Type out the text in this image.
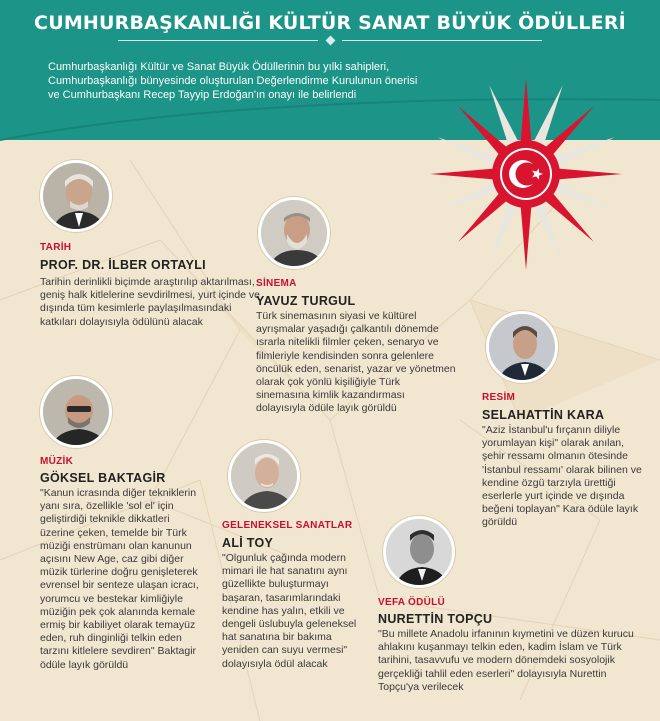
CUMHURBAŞKANLIĞI KÜLTÜR SANAT BÜYÜK ÖDÜLLERİ
Cumhurbaşkanlığı Kültür ve Sanat Büyük Ödüllerinin bu yılki sahipleri, Cumhurbaşkanlığı bünyesinde oluşturulan Değerlendirme Kurulunun önerisi ve Cumhurbaşkanı Recep Tayyip Erdoğan'ın onayı ile belirlendi
TARİH
PROF. DR. İLBER ORTAYLI
Tarihin derinlikli biçimde araştırılıp aktarılması, geniş halk kitlelerine sevdirilmesi, yurt içinde ve dışında tüm kesimlerle paylaşılmasındaki katkıları dolayısıyla ödülünü alacak
SİNEMA
YAVUZ TURGUL
Türk sinemasının siyasi ve kültürel ayrışmalar yaşadığı çalkantılı dönemde ısrarla nitelikli filmler çeken, senaryo ve filmleriyle kendisinden sonra gelenlere öncülük eden, senarist, yazar ve yönetmen olarak çok yönlü kişiliğiyle Türk sinemasına kimlik kazandırması dolayısıyla ödüle layık görüldü
RESİM
SELAHATTİN KARA
"Aziz İstanbul'u fırçanın diliyle yorumlayan kişi" olarak anılan, şehir ressamı olmanın ötesinde 'İstanbul ressamı' olarak bilinen ve kendine özgü tarzıyla ürettiği eserlerle yurt içinde ve dışında beğeni toplayan" Kara ödüle layık görüldü
MÜZİK
GÖKSEL BAKTAGİR
"Kanun icrasında diğer tekniklerin yanı sıra, özellikle 'sol el' için geliştirdiği teknikle dikkatleri üzerine çeken, temelde bir Türk müziği enstrümanı olan kanunun açısını New Age, caz gibi diğer müzik türlerine doğru genişleterek evrensel bir senteze ulaşan icracı, yorumcu ve bestekar kimliğiyle müziğin pek çok alanında kemale ermiş bir kabiliyet olarak temayüz eden, ruh dinginliği telkin eden tarzını kitlelere sevdiren" Baktagir ödüle layık görüldü
GELENEKSEL SANATLAR
ALİ TOY
"Olgunluk çağında modern mimari ile hat sanatını aynı güzellikte buluşturmayı başaran, tasarımlarındaki kendine has yalın, etkili ve dengeli üslubuyla geleneksel hat sanatına bir bakıma yeniden can suyu vermesi" dolayısıyla ödül alacak
VEFA ÖDÜLÜ
NURETTİN TOPÇU
"Bu millete Anadolu irfanının kıymetini ve düzen kurucu ahlakını kuşanmayı telkin eden, kadim İslam ve Türk tarihini, tasavvufu ve modern dönemdeki sosyolojik gerçekliği tahlil eden eserleri" dolayısıyla Nurettin Topçu'ya verilecek
